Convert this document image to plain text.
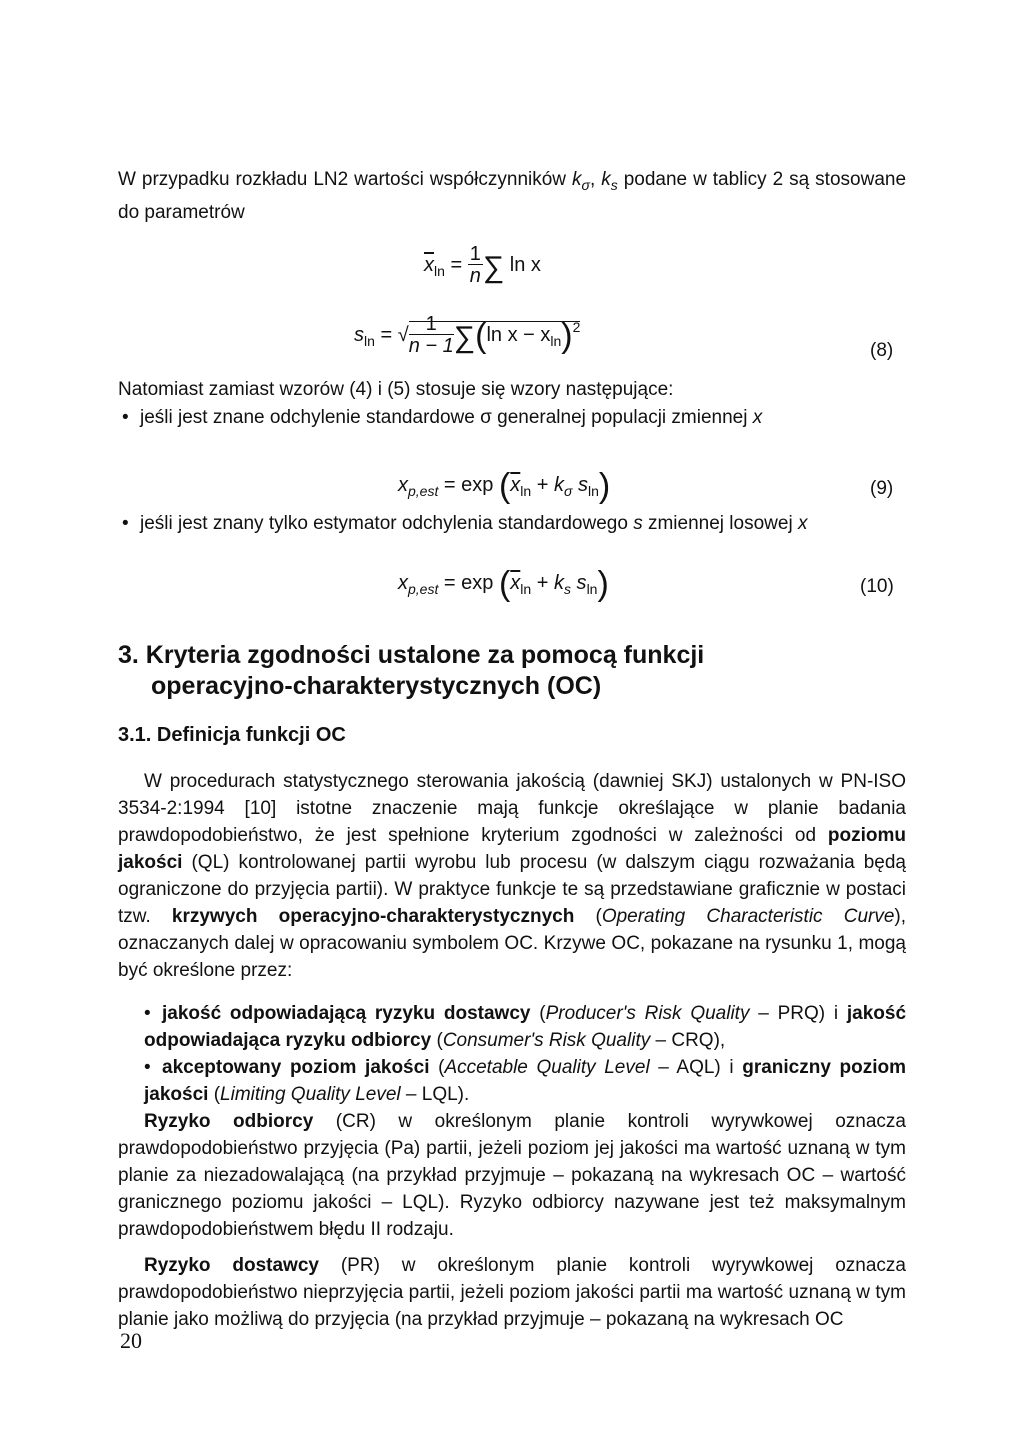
W przypadku rozkładu LN2 wartości współczynników $k_\sigma$, $k_s$ podane w tablicy 2 są stosowane do parametrów

$\overline{x}_{ln} = \frac{1}{n}$ ∑ ln x
$s_{ln}$ = √ $\frac{1}{n - 1} \sum(\ln$ $x - x_{ln})^2$
(8)

Natomiast zamiast wzorów (4) i (5) stosuje się wzory następujące:

• jeśli jest znane odchylenie standardowe σ generalnej populacji zmiennej x

$x_{p,est} = \exp (\overline{x}_{ln} + k_\sigma$ $s_{ln}$)	(9)

• jeśli jest znany tylko estymator odchylenia standardowego s zmiennej losowej x

$x_{p,est} = \exp (\overline{x}_{ln} + k_s$ $s_{ln}$)	(10)
3. Kryteria zgodności ustalone za pomocą funkcji
operacyjno-charakterystycznych (OC)
3.1. Definicja funkcji OC

W procedurach statystycznego sterowania jakością (dawniej SKJ) ustalonych w PN-ISO 3534-2:1994 [10] istotne znaczenie mają funkcje określające w planie badania prawdopodobieństwo, że jest spełnione kryterium zgodności w zależności od poziomu jakości (QL) kontrolowanej partii wyrobu lub procesu (w dalszym ciągu rozważania będą ograniczone do przyjęcia partii). W praktyce funkcje te są przedstawiane graficznie w postaci tzw. krzywych operacyjno-charakterystycznych (Operating Characteristic Curve), oznaczanych dalej w opracowaniu symbolem OC. Krzywe OC, pokazane na rysunku 1, mogą być określone przez:

• jakość odpowiadającą ryzyku dostawcy (Producer's Risk Quality – PRQ) i jakość odpowiadająca ryzyku odbiorcy (Consumer's Risk Quality – CRQ),

• akceptowany poziom jakości (Accetable Quality Level – AQL) i graniczny poziom jakości (Limiting Quality Level – LQL).

Ryzyko odbiorcy (CR) w określonym planie kontroli wyrywkowej oznacza prawdopodobieństwo przyjęcia (Pa) partii, jeżeli poziom jej jakości ma wartość uznaną w tym planie za niezadowalającą (na przykład przyjmuje – pokazaną na wykresach OC – wartość granicznego poziomu jakości – LQL). Ryzyko odbiorcy nazywane jest też maksymalnym prawdopodobieństwem błędu II rodzaju.

Ryzyko dostawcy (PR) w określonym planie kontroli wyrywkowej oznacza prawdopodobieństwo nieprzyjęcia partii, jeżeli poziom jakości partii ma wartość uznaną w tym planie jako możliwą do przyjęcia (na przykład przyjmuje – pokazaną na wykresach OC

20
